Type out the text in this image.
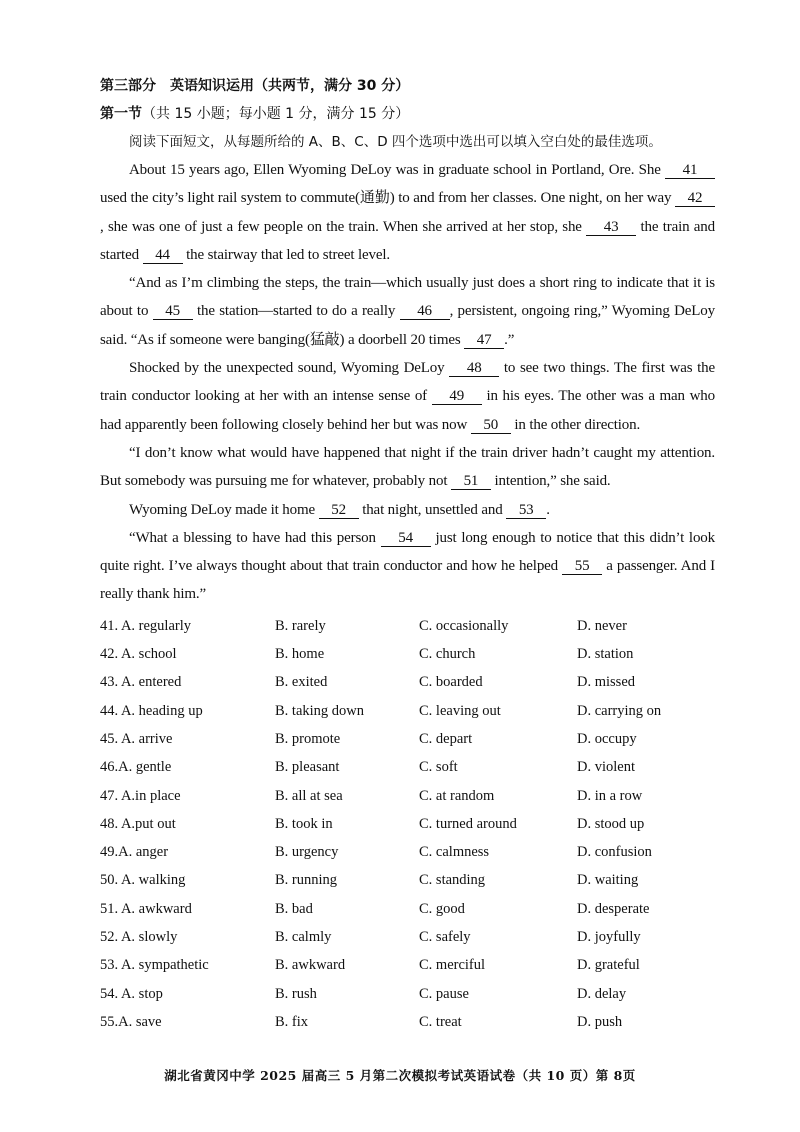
第三部分　英语知识运用（共两节，满分 30 分）
第一节（共 15 小题；每小题 1 分，满分 15 分）
阅读下面短文，从每题所给的 A、B、C、D 四个选项中选出可以填入空白处的最佳选项。
About 15 years ago, Ellen Wyoming DeLoy was in graduate school in Portland, Ore. She 41 used the city’s light rail system to commute(通勤) to and from her classes. One night, on her way 42, she was one of just a few people on the train. When she arrived at her stop, she 43 the train and started 44 the stairway that led to street level.
“And as I’m climbing the steps, the train—which usually just does a short ring to indicate that it is about to 45 the station—started to do a really 46 , persistent, ongoing ring,” Wyoming DeLoy said. “As if someone were banging(猛敲) a doorbell 20 times 47 .”
Shocked by the unexpected sound, Wyoming DeLoy 48 to see two things. The first was the train conductor looking at her with an intense sense of 49 in his eyes. The other was a man who had apparently been following closely behind her but was now 50 in the other direction.
“I don’t know what would have happened that night if the train driver hadn’t caught my attention. But somebody was pursuing me for whatever, probably not 51 intention,” she said.
Wyoming DeLoy made it home 52 that night, unsettled and 53 .
“What a blessing to have had this person 54 just long enough to notice that this didn’t look quite right. I’ve always thought about that train conductor and how he helped 55 a passenger. And I really thank him.”
41. A. regularly	B. rarely	C. occasionally	D. never
42. A. school	B. home	C. church	D. station
43. A. entered	B. exited	C. boarded	D. missed
44. A. heading up	B. taking down	C. leaving out	D. carrying on
45. A. arrive	B. promote	C. depart	D. occupy
46.A. gentle	B. pleasant	C. soft	D. violent
47. A.in place	B. all at sea	C. at random	D. in a row
48. A.put out	B. took in	C. turned around	D. stood up
49.A. anger	B. urgency	C. calmness	D. confusion
50. A. walking	B. running	C. standing	D. waiting
51. A. awkward	B. bad	C. good	D. desperate
52. A. slowly	B. calmly	C. safely	D. joyfully
53. A. sympathetic	B. awkward	C. merciful	D. grateful
54. A. stop	B. rush	C. pause	D. delay
55.A. save	B. fix	C. treat	D. push
湖北省黄冈中学 2025 届高三 5 月第二次模拟考试英语试卷（共 10 页）第 8页
